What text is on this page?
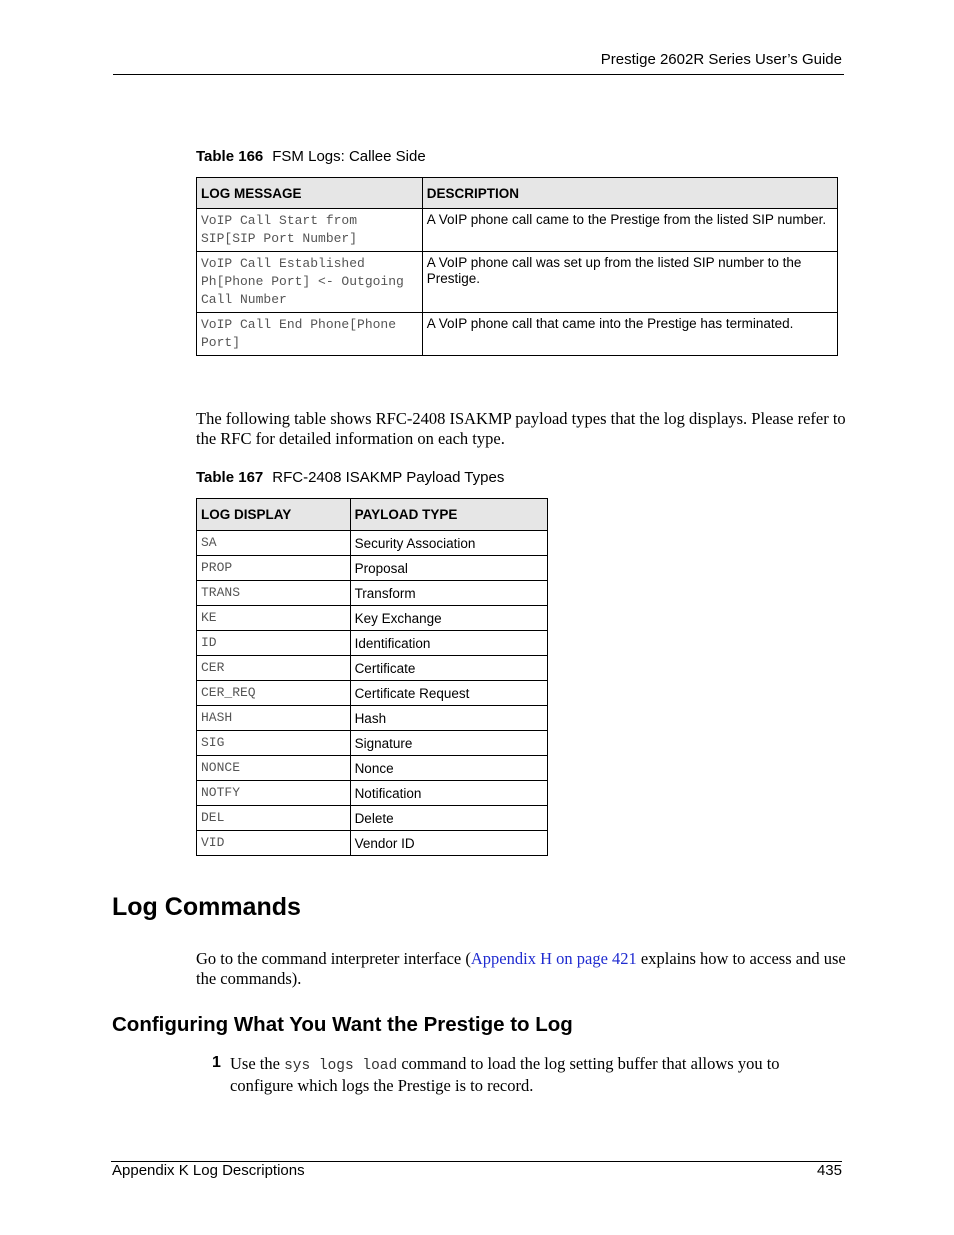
Prestige 2602R Series User’s Guide
Table 166 FSM Logs: Callee Side
LOG MESSAGE	DESCRIPTION
VoIP Call Start from SIP[SIP Port Number]	A VoIP phone call came to the Prestige from the listed SIP number.
VoIP Call Established Ph[Phone Port] <- Outgoing Call Number	A VoIP phone call was set up from the listed SIP number to the Prestige.
VoIP Call End Phone[Phone Port]	A VoIP phone call that came into the Prestige has terminated.
The following table shows RFC-2408 ISAKMP payload types that the log displays. Please refer to the RFC for detailed information on each type.
Table 167 RFC-2408 ISAKMP Payload Types
LOG DISPLAY	PAYLOAD TYPE
SA	Security Association
PROP	Proposal
TRANS	Transform
KE	Key Exchange
ID	Identification
CER	Certificate
CER_REQ	Certificate Request
HASH	Hash
SIG	Signature
NONCE	Nonce
NOTFY	Notification
DEL	Delete
VID	Vendor ID
Log Commands
Go to the command interpreter interface (Appendix H on page 421 explains how to access and use the commands).
Configuring What You Want the Prestige to Log
1 Use the sys logs load command to load the log setting buffer that allows you to configure which logs the Prestige is to record.
Appendix K Log Descriptions	435
